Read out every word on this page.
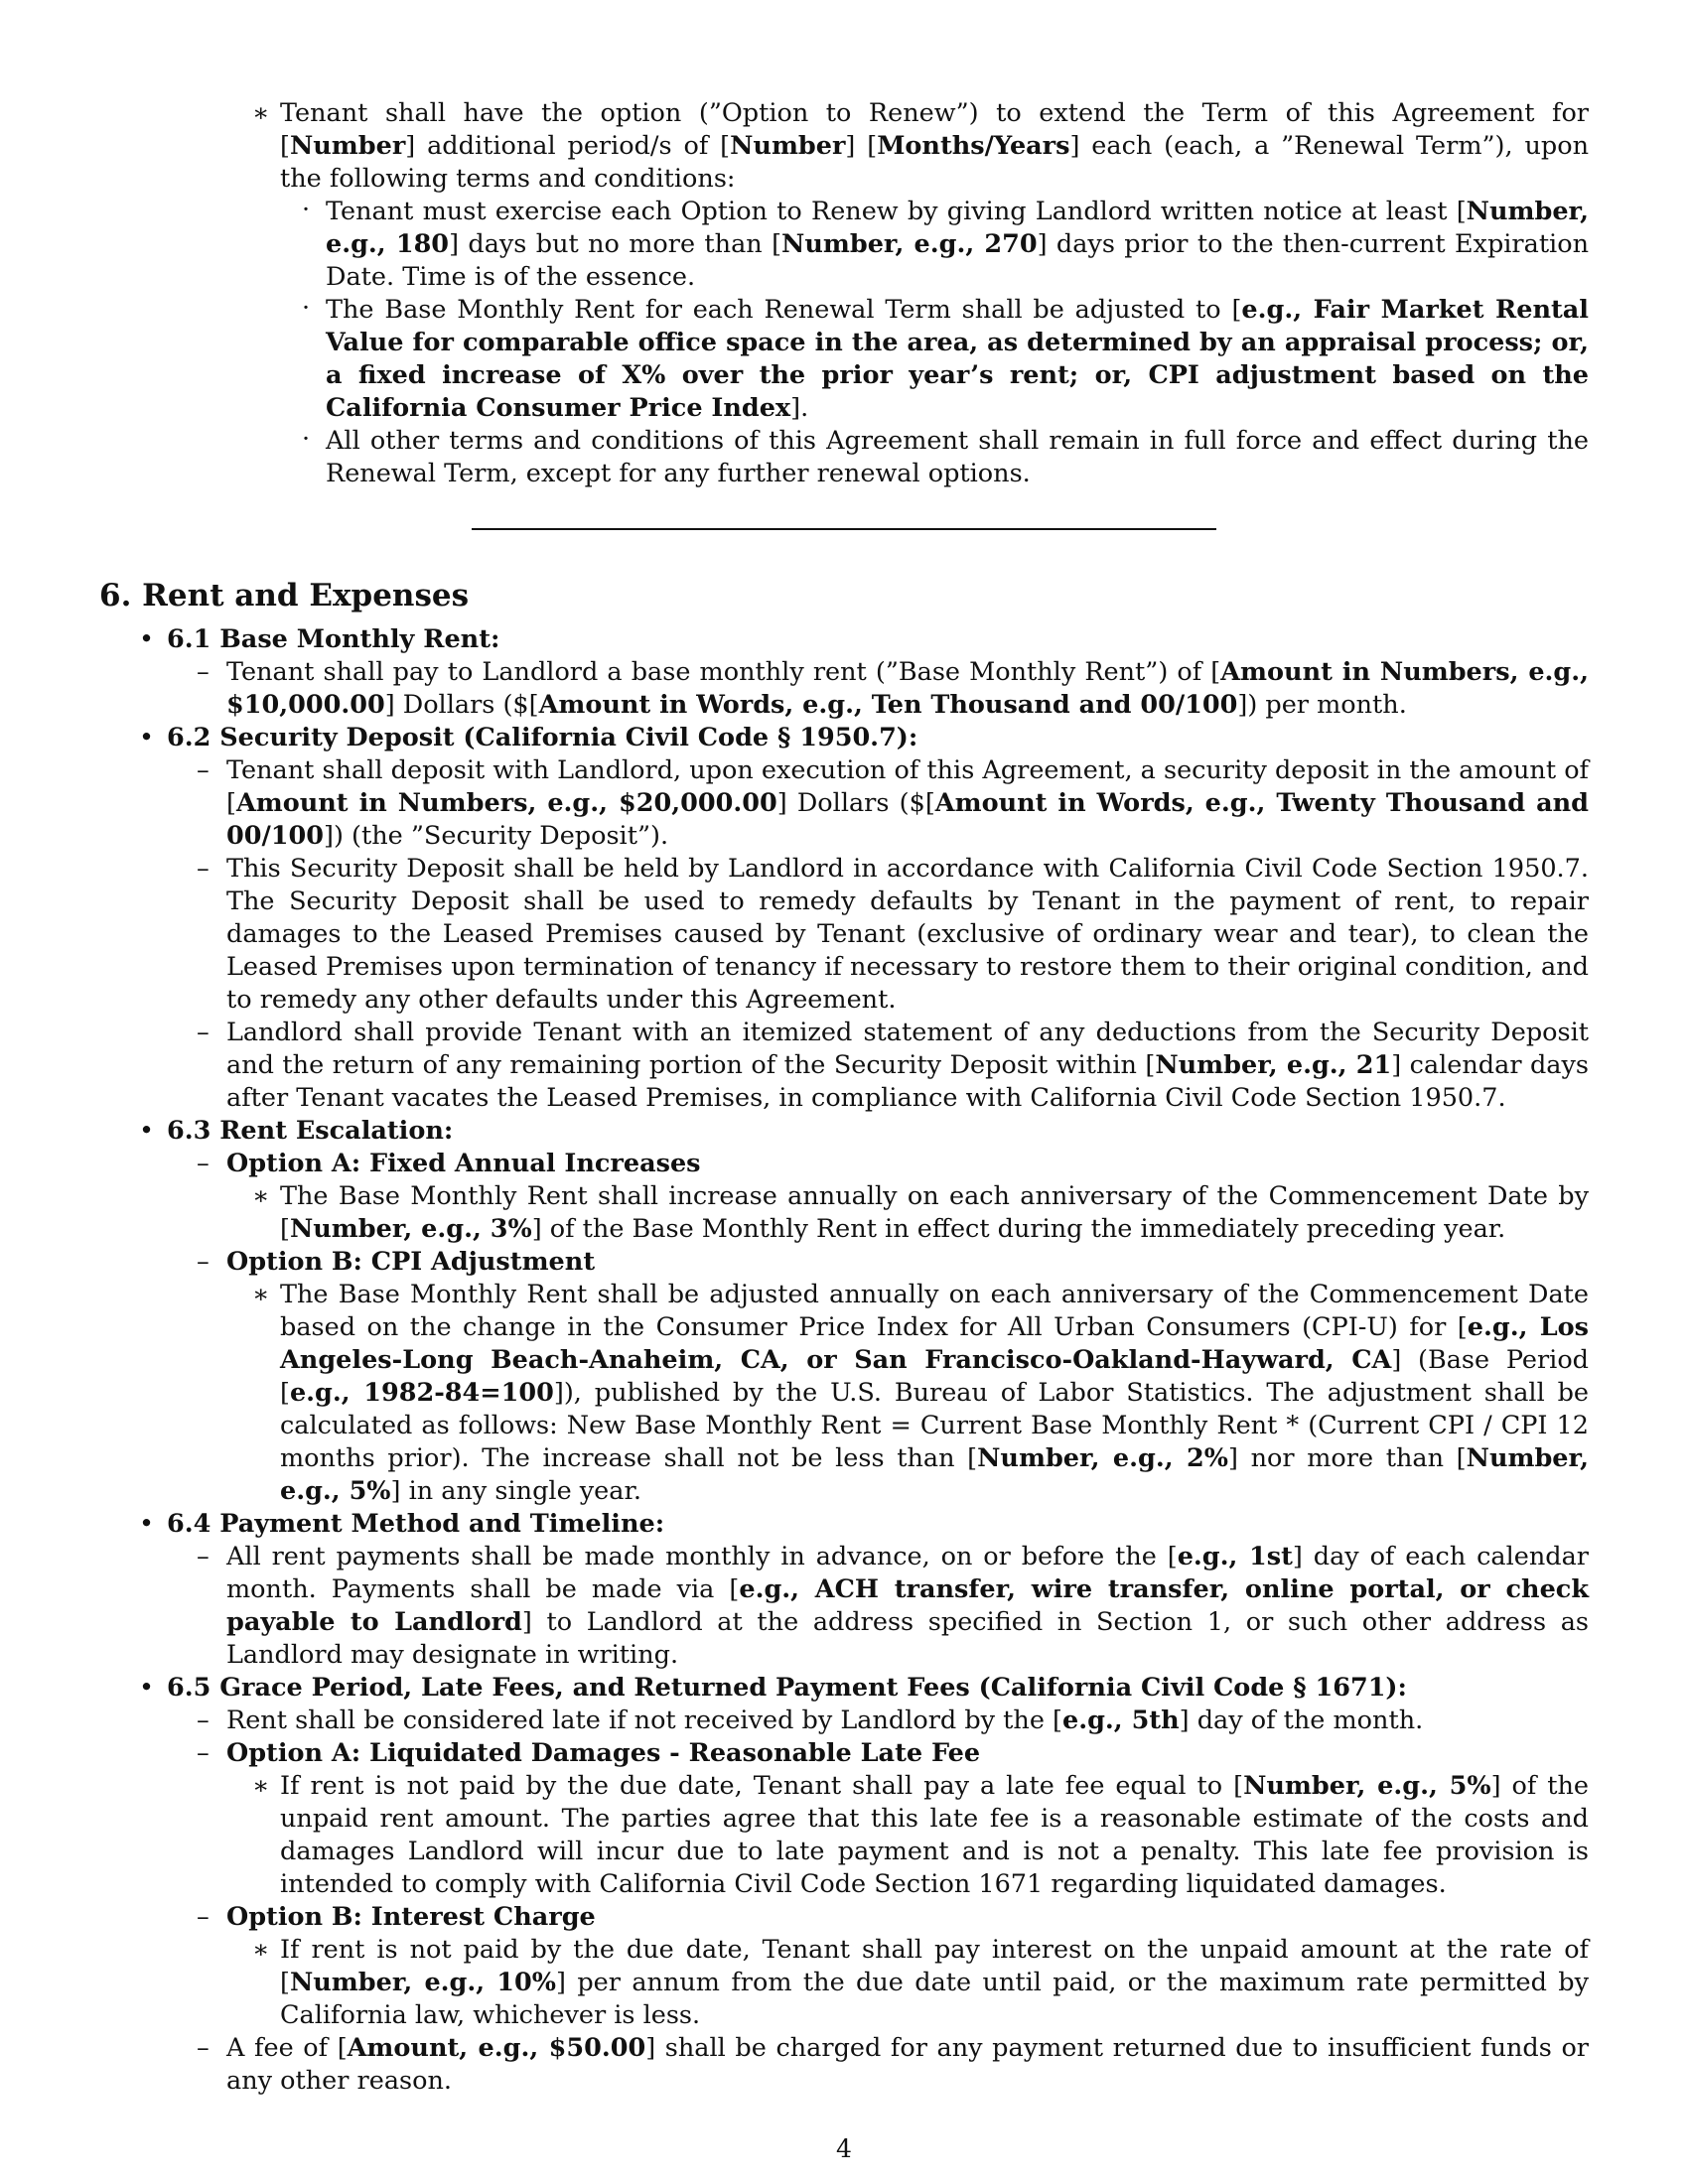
∗ Tenant shall have the option (”Option to Renew”) to extend the Term of this Agreement for [Number] additional period/s of [Number] [Months/Years] each (each, a ”Renewal Term”), upon the following terms and conditions:

· Tenant must exercise each Option to Renew by giving Landlord written notice at least [Number, e.g., 180] days but no more than [Number, e.g., 270] days prior to the then-current Expiration Date. Time is of the essence.

· The Base Monthly Rent for each Renewal Term shall be adjusted to [e.g., Fair Market Rental Value for comparable office space in the area, as determined by an appraisal process; or, a fixed increase of X% over the prior year’s rent; or, CPI adjustment based on the California Consumer Price Index].

· All other terms and conditions of this Agreement shall remain in full force and effect during the Renewal Term, except for any further renewal options.

6. Rent and Expenses

• 6.1 Base Monthly Rent:

– Tenant shall pay to Landlord a base monthly rent (”Base Monthly Rent”) of [Amount in Numbers, e.g., $10,000.00] Dollars ($[Amount in Words, e.g., Ten Thousand and 00/100]) per month.

• 6.2 Security Deposit (California Civil Code § 1950.7):

– Tenant shall deposit with Landlord, upon execution of this Agreement, a security deposit in the amount of [Amount in Numbers, e.g., $20,000.00] Dollars ($[Amount in Words, e.g., Twenty Thousand and 00/100]) (the ”Security Deposit”).

– This Security Deposit shall be held by Landlord in accordance with California Civil Code Section 1950.7. The Security Deposit shall be used to remedy defaults by Tenant in the payment of rent, to repair damages to the Leased Premises caused by Tenant (exclusive of ordinary wear and tear), to clean the Leased Premises upon termination of tenancy if necessary to restore them to their original condition, and to remedy any other defaults under this Agreement.

– Landlord shall provide Tenant with an itemized statement of any deductions from the Security Deposit and the return of any remaining portion of the Security Deposit within [Number, e.g., 21] calendar days after Tenant vacates the Leased Premises, in compliance with California Civil Code Section 1950.7.

• 6.3 Rent Escalation:

– Option A: Fixed Annual Increases

∗ The Base Monthly Rent shall increase annually on each anniversary of the Commencement Date by [Number, e.g., 3%] of the Base Monthly Rent in effect during the immediately preceding year.

– Option B: CPI Adjustment

∗ The Base Monthly Rent shall be adjusted annually on each anniversary of the Commencement Date based on the change in the Consumer Price Index for All Urban Consumers (CPI-U) for [e.g., Los Angeles-Long Beach-Anaheim, CA, or San Francisco-Oakland-Hayward, CA] (Base Period [e.g., 1982-84=100]), published by the U.S. Bureau of Labor Statistics. The adjustment shall be calculated as follows: New Base Monthly Rent = Current Base Monthly Rent * (Current CPI / CPI 12 months prior). The increase shall not be less than [Number, e.g., 2%] nor more than [Number, e.g., 5%] in any single year.

• 6.4 Payment Method and Timeline:

– All rent payments shall be made monthly in advance, on or before the [e.g., 1st] day of each calendar month. Payments shall be made via [e.g., ACH transfer, wire transfer, online portal, or check payable to Landlord] to Landlord at the address specified in Section 1, or such other address as Landlord may designate in writing.

• 6.5 Grace Period, Late Fees, and Returned Payment Fees (California Civil Code § 1671):

– Rent shall be considered late if not received by Landlord by the [e.g., 5th] day of the month.

– Option A: Liquidated Damages - Reasonable Late Fee

∗ If rent is not paid by the due date, Tenant shall pay a late fee equal to [Number, e.g., 5%] of the unpaid rent amount. The parties agree that this late fee is a reasonable estimate of the costs and damages Landlord will incur due to late payment and is not a penalty. This late fee provision is intended to comply with California Civil Code Section 1671 regarding liquidated damages.

– Option B: Interest Charge

∗ If rent is not paid by the due date, Tenant shall pay interest on the unpaid amount at the rate of [Number, e.g., 10%] per annum from the due date until paid, or the maximum rate permitted by California law, whichever is less.

– A fee of [Amount, e.g., $50.00] shall be charged for any payment returned due to insufficient funds or any other reason.

4
